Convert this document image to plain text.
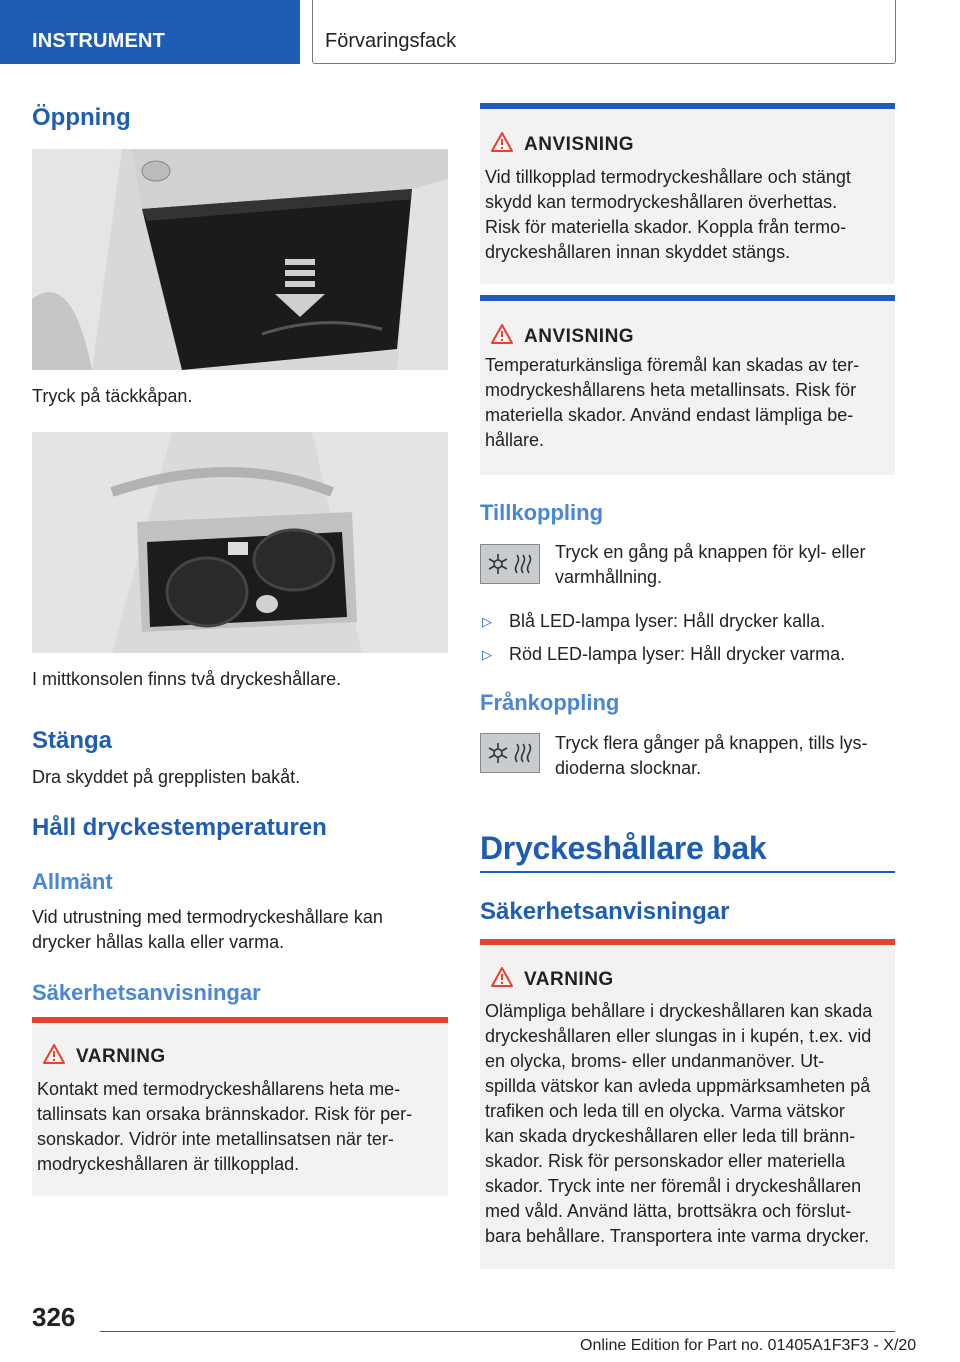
INSTRUMENT	Förvaringsfack
Öppning
Tryck på täckkåpan.
I mittkonsolen finns två dryckeshållare.
Stänga
Dra skyddet på grepplisten bakåt.
Håll dryckestemperaturen
Allmänt
Vid utrustning med termodryckeshållare kan
drycker hållas kalla eller varma.
Säkerhetsanvisningar
VARNING
Kontakt med termodryckeshållarens heta me-
tallinsats kan orsaka brännskador. Risk för per-
sonskador. Vidrör inte metallinsatsen när ter-
modryckeshållaren är tillkopplad.
ANVISNING
Vid tillkopplad termodryckeshållare och stängt
skydd kan termodryckeshållaren överhettas.
Risk för materiella skador. Koppla från termo-
dryckeshållaren innan skyddet stängs.
ANVISNING
Temperaturkänsliga föremål kan skadas av ter-
modryckeshållarens heta metallinsats. Risk för
materiella skador. Använd endast lämpliga be-
hållare.
Tillkoppling
Tryck en gång på knappen för kyl- eller
varmhållning.
▷ Blå LED-lampa lyser: Håll drycker kalla.
▷ Röd LED-lampa lyser: Håll drycker varma.
Frånkoppling
Tryck flera gånger på knappen, tills lys-
dioderna slocknar.
Dryckeshållare bak
Säkerhetsanvisningar
VARNING
Olämpliga behållare i dryckeshållaren kan skada
dryckeshållaren eller slungas in i kupén, t.ex. vid
en olycka, broms- eller undanmanöver. Ut-
spillda vätskor kan avleda uppmärksamheten på
trafiken och leda till en olycka. Varma vätskor
kan skada dryckeshållaren eller leda till bränn-
skador. Risk för personskador eller materiella
skador. Tryck inte ner föremål i dryckeshållaren
med våld. Använd lätta, brottsäkra och förslut-
bara behållare. Transportera inte varma drycker.
326
Online Edition for Part no. 01405A1F3F3 - X/20
